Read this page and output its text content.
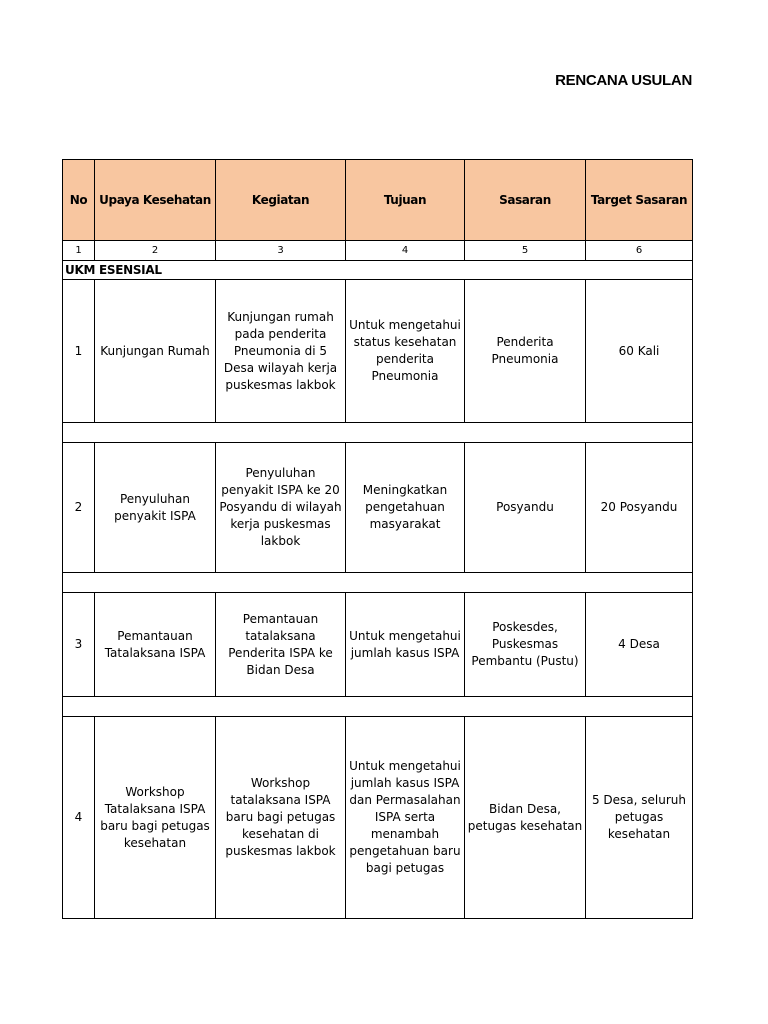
RENCANA USULAN
No	Upaya Kesehatan	Kegiatan	Tujuan	Sasaran	Target Sasaran
1	2	3	4	5	6
UKM ESENSIAL					
1	Kunjungan Rumah	Kunjungan rumah pada penderita Pneumonia di 5 Desa wilayah kerja puskesmas lakbok	Untuk mengetahui status kesehatan penderita Pneumonia	Penderita Pneumonia	60 Kali

2	Penyuluhan penyakit ISPA	Penyuluhan penyakit ISPA ke 20 Posyandu di wilayah kerja puskesmas lakbok	Meningkatkan pengetahuan masyarakat	Posyandu	20 Posyandu

3	Pemantauan Tatalaksana ISPA	Pemantauan tatalaksana Penderita ISPA ke Bidan Desa	Untuk mengetahui jumlah kasus ISPA	Poskesdes, Puskesmas Pembantu (Pustu)	4 Desa

4	Workshop Tatalaksana ISPA baru bagi petugas kesehatan	Workshop tatalaksana ISPA baru bagi petugas kesehatan di puskesmas lakbok	Untuk mengetahui jumlah kasus ISPA dan Permasalahan ISPA serta menambah pengetahuan baru bagi petugas	Bidan Desa, petugas kesehatan	5 Desa, seluruh petugas kesehatan
